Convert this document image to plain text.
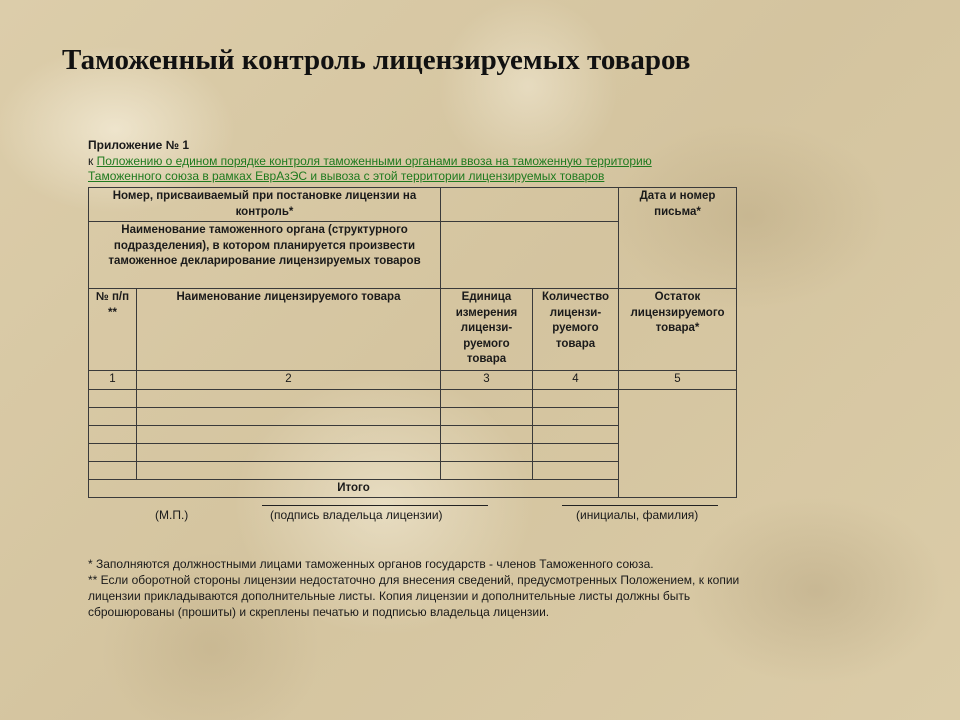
Таможенный контроль лицензируемых товаров
Приложение № 1
к Положению о едином порядке контроля таможенными органами ввоза на таможенную территорию
Таможенного союза в рамках ЕврАзЭС и вывоза с этой территории лицензируемых товаров
Номер, присваиваемый при постановке лицензии на контроль*				Дата и номер письма*
Наименование таможенного органа (структурного подразделения), в котором планируется произвести таможенное декларирование лицензируемых товаров				
№ п/п **	Наименование лицензируемого товара	Единица измерения лицензи-руемого товара	Количество лицензи-руемого товара	Остаток лицензируемого товара*
1	2	3	4	5

Итого				
(М.П.)	(подпись владельца лицензии)	(инициалы, фамилия)
* Заполняются должностными лицами таможенных органов государств - членов Таможенного союза.
** Если оборотной стороны лицензии недостаточно для внесения сведений, предусмотренных Положением, к копии лицензии прикладываются дополнительные листы. Копия лицензии и дополнительные листы должны быть сброшюрованы (прошиты) и скреплены печатью и подписью владельца лицензии.
